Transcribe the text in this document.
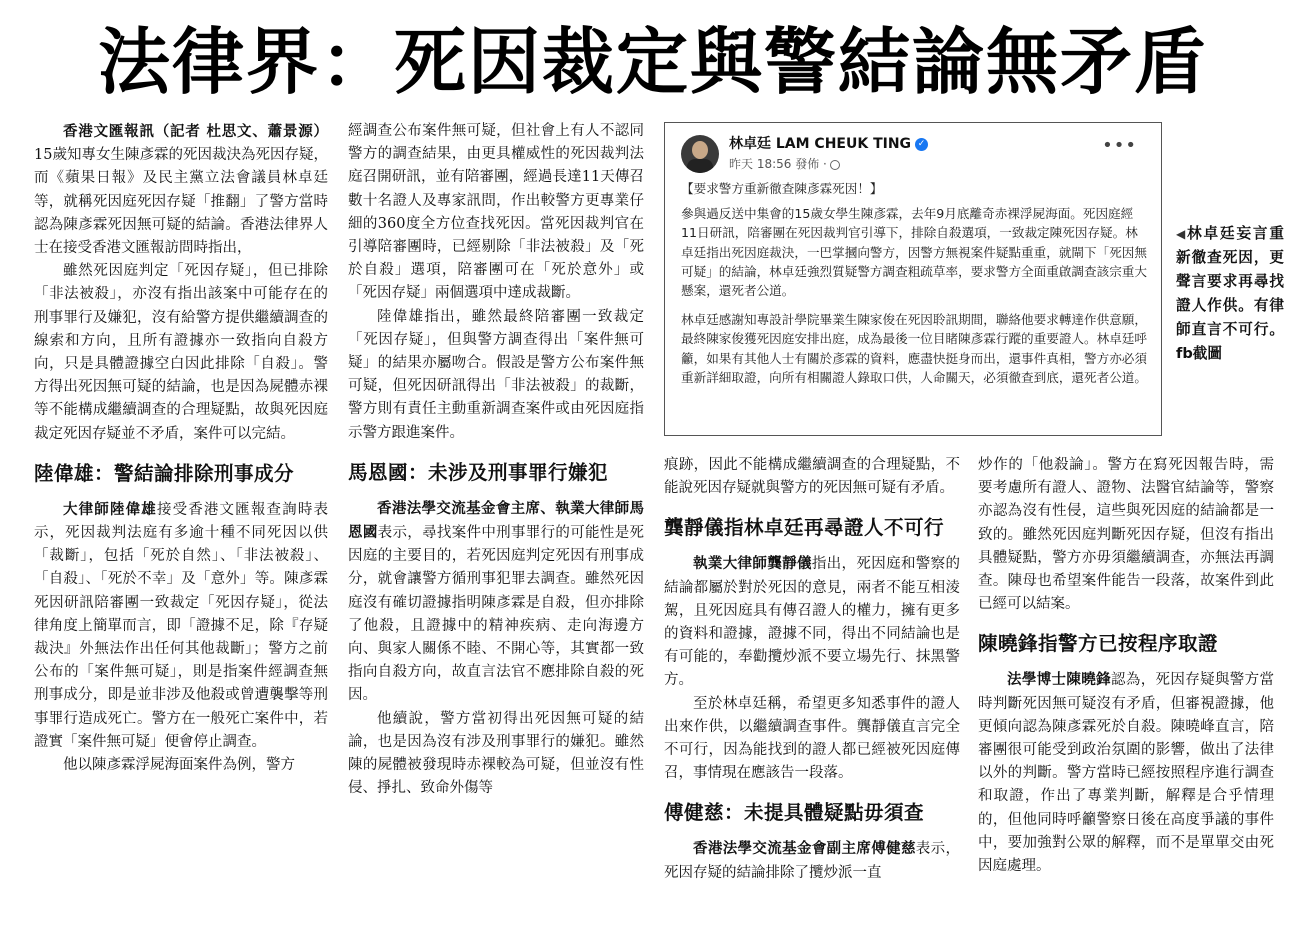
法律界：死因裁定與警結論無矛盾

香港文匯報訊（記者 杜思文、蕭景源）15歲知專女生陳彥霖的死因裁決為死因存疑，而《蘋果日報》及民主黨立法會議員林卓廷等，就稱死因庭死因存疑「推翻」了警方當時認為陳彥霖死因無可疑的結論。香港法律界人士在接受香港文匯報訪問時指出，

雖然死因庭判定「死因存疑」，但已排除「非法被殺」，亦沒有指出該案中可能存在的刑事罪行及嫌犯，沒有給警方提供繼續調查的線索和方向，且所有證據亦一致指向自殺方向，只是具體證據空白因此排除「自殺」。警方得出死因無可疑的結論，也是因為屍體赤裸等不能構成繼續調查的合理疑點，故與死因庭裁定死因存疑並不矛盾，案件可以完結。

陸偉雄：警結論排除刑事成分

大律師陸偉雄接受香港文匯報查詢時表示，死因裁判法庭有多逾十種不同死因以供「裁斷」，包括「死於自然」、「非法被殺」、「自殺」、「死於不幸」及「意外」等。陳彥霖死因研訊陪審團一致裁定「死因存疑」，從法律角度上簡單而言，即「證據不足，除『存疑裁決』外無法作出任何其他裁斷」；警方之前公布的「案件無可疑」，則是指案件經調查無刑事成分，即是並非涉及他殺或曾遭襲擊等刑事罪行造成死亡。警方在一般死亡案件中，若證實「案件無可疑」便會停止調查。

他以陳彥霖浮屍海面案件為例，警方

經調查公布案件無可疑，但社會上有人不認同警方的調查結果，由更具權威性的死因裁判法庭召開研訊，並有陪審團，經過長達11天傳召數十名證人及專家訊問，作出較警方更專業仔細的360度全方位查找死因。當死因裁判官在引導陪審團時，已經剔除「非法被殺」及「死於自殺」選項，陪審團可在「死於意外」或「死因存疑」兩個選項中達成裁斷。

陸偉雄指出，雖然最終陪審團一致裁定「死因存疑」，但與警方調查得出「案件無可疑」的結果亦屬吻合。假設是警方公布案件無可疑，但死因研訊得出「非法被殺」的裁斷，警方則有責任主動重新調查案件或由死因庭指示警方跟進案件。

馬恩國：未涉及刑事罪行嫌犯

香港法學交流基金會主席、執業大律師馬恩國表示，尋找案件中刑事罪行的可能性是死因庭的主要目的，若死因庭判定死因有刑事成分，就會讓警方循刑事犯罪去調查。雖然死因庭沒有確切證據指明陳彥霖是自殺，但亦排除了他殺，且證據中的精神疾病、走向海邊方向、與家人關係不睦、不開心等，其實都一致指向自殺方向，故直言法官不應排除自殺的死因。

他續說，警方當初得出死因無可疑的結論，也是因為沒有涉及刑事罪行的嫌犯。雖然陳的屍體被發現時赤裸較為可疑，但並沒有性侵、掙扎、致命外傷等

林卓廷 LAM CHEUK TING ✓
昨天 18:56 發佈 ·
•••
【要求警方重新徹查陳彥霖死因！】
參與過反送中集會的15歲女學生陳彥霖，去年9月底離奇赤裸浮屍海面。死因庭經11日研訊，陪審團在死因裁判官引導下，排除自殺選項，一致裁定陳死因存疑。林卓廷指出死因庭裁決，一巴掌摑向警方，因警方無視案件疑點重重，就閘下「死因無可疑」的結論，林卓廷強烈質疑警方調查粗疏草率，要求警方全面重啟調查該宗重大懸案，還死者公道。
林卓廷感謝知專設計學院畢業生陳家俊在死因聆訊期間，聯絡他要求轉達作供意願，最終陳家俊獲死因庭安排出庭，成為最後一位目睹陳彥霖行蹤的重要證人。林卓廷呼籲，如果有其他人士有關於彥霖的資料，應盡快挺身而出，還事件真相，警方亦必須重新詳細取證，向所有相關證人錄取口供，人命關天，必須徹查到底，還死者公道。
◀林卓廷妄言重新徹查死因，更聲言要求再尋找證人作供。有律師直言不可行。 fb截圖

痕跡，因此不能構成繼續調查的合理疑點，不能說死因存疑就與警方的死因無可疑有矛盾。

龔靜儀指林卓廷再尋證人不可行

執業大律師龔靜儀指出，死因庭和警察的結論都屬於對於死因的意見，兩者不能互相淩駕，且死因庭具有傳召證人的權力，擁有更多的資料和證據，證據不同，得出不同結論也是有可能的，奉勸攬炒派不要立場先行、抹黑警方。

至於林卓廷稱，希望更多知悉事件的證人出來作供，以繼續調查事件。龔靜儀直言完全不可行，因為能找到的證人都已經被死因庭傳召，事情現在應該告一段落。

傅健慈：未提具體疑點毋須查

香港法學交流基金會副主席傅健慈表示，死因存疑的結論排除了攬炒派一直

炒作的「他殺論」。警方在寫死因報告時，需要考慮所有證人、證物、法醫官結論等，警察亦認為沒有性侵，這些與死因庭的結論都是一致的。雖然死因庭判斷死因存疑，但沒有指出具體疑點，警方亦毋須繼續調查，亦無法再調查。陳母也希望案件能告一段落，故案件到此已經可以結案。

陳曉鋒指警方已按程序取證

法學博士陳曉鋒認為，死因存疑與警方當時判斷死因無可疑沒有矛盾，但審視證據，他更傾向認為陳彥霖死於自殺。陳曉峰直言，陪審團很可能受到政治氛圍的影響，做出了法律以外的判斷。警方當時已經按照程序進行調查和取證，作出了專業判斷，解釋是合乎情理的，但他同時呼籲警察日後在高度爭議的事件中，要加強對公眾的解釋，而不是單單交由死因庭處理。
